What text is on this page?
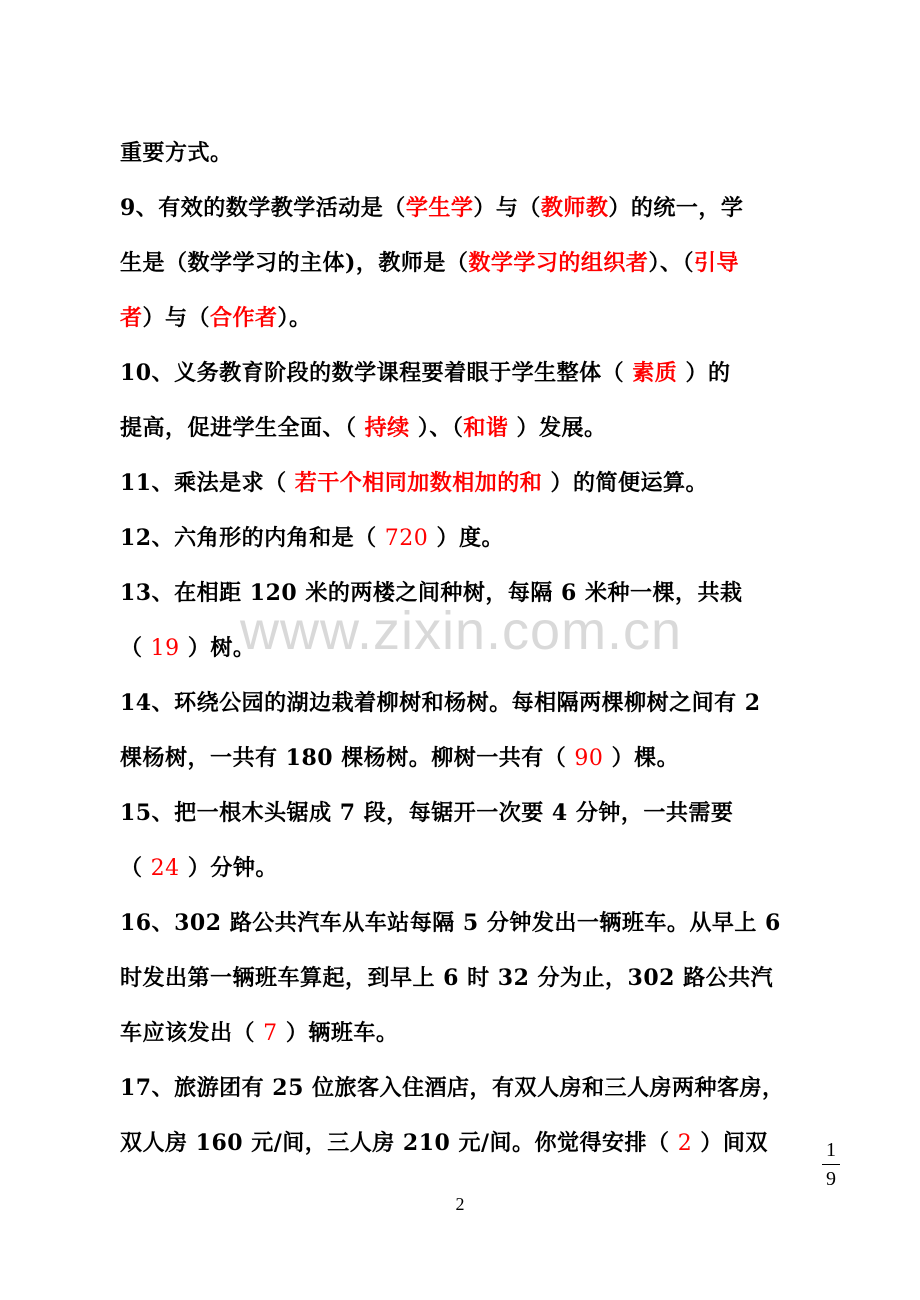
重要方式。
9、有效的数学教学活动是（学生学）与（教师教）的统一，学
生是（数学学习的主体)，教师是（数学学习的组织者）、（引导
者）与（合作者）。
10、义务教育阶段的数学课程要着眼于学生整体（ 素质 ）的
提高，促进学生全面、（ 持续 ）、（和谐 ）发展。
11、乘法是求（ 若干个相同加数相加的和 ）的简便运算。
12、六角形的内角和是（ 720 ）度。
13、在相距 120 米的两楼之间种树，每隔 6 米种一棵，共栽
（ 19 ）树。
14、环绕公园的湖边栽着柳树和杨树。每相隔两棵柳树之间有 2
棵杨树，一共有 180 棵杨树。柳树一共有（ 90 ）棵。
15、把一根木头锯成 7 段，每锯开一次要 4 分钟，一共需要
（ 24 ）分钟。
16、302 路公共汽车从车站每隔 5 分钟发出一辆班车。从早上 6
时发出第一辆班车算起，到早上 6 时 32 分为止，302 路公共汽
车应该发出（ 7 ）辆班车。
17、旅游团有 25 位旅客入住酒店，有双人房和三人房两种客房，
双人房 160 元/间，三人房 210 元/间。你觉得安排（ 2 ）间双
www.zixin.com.cn
1
9
2
